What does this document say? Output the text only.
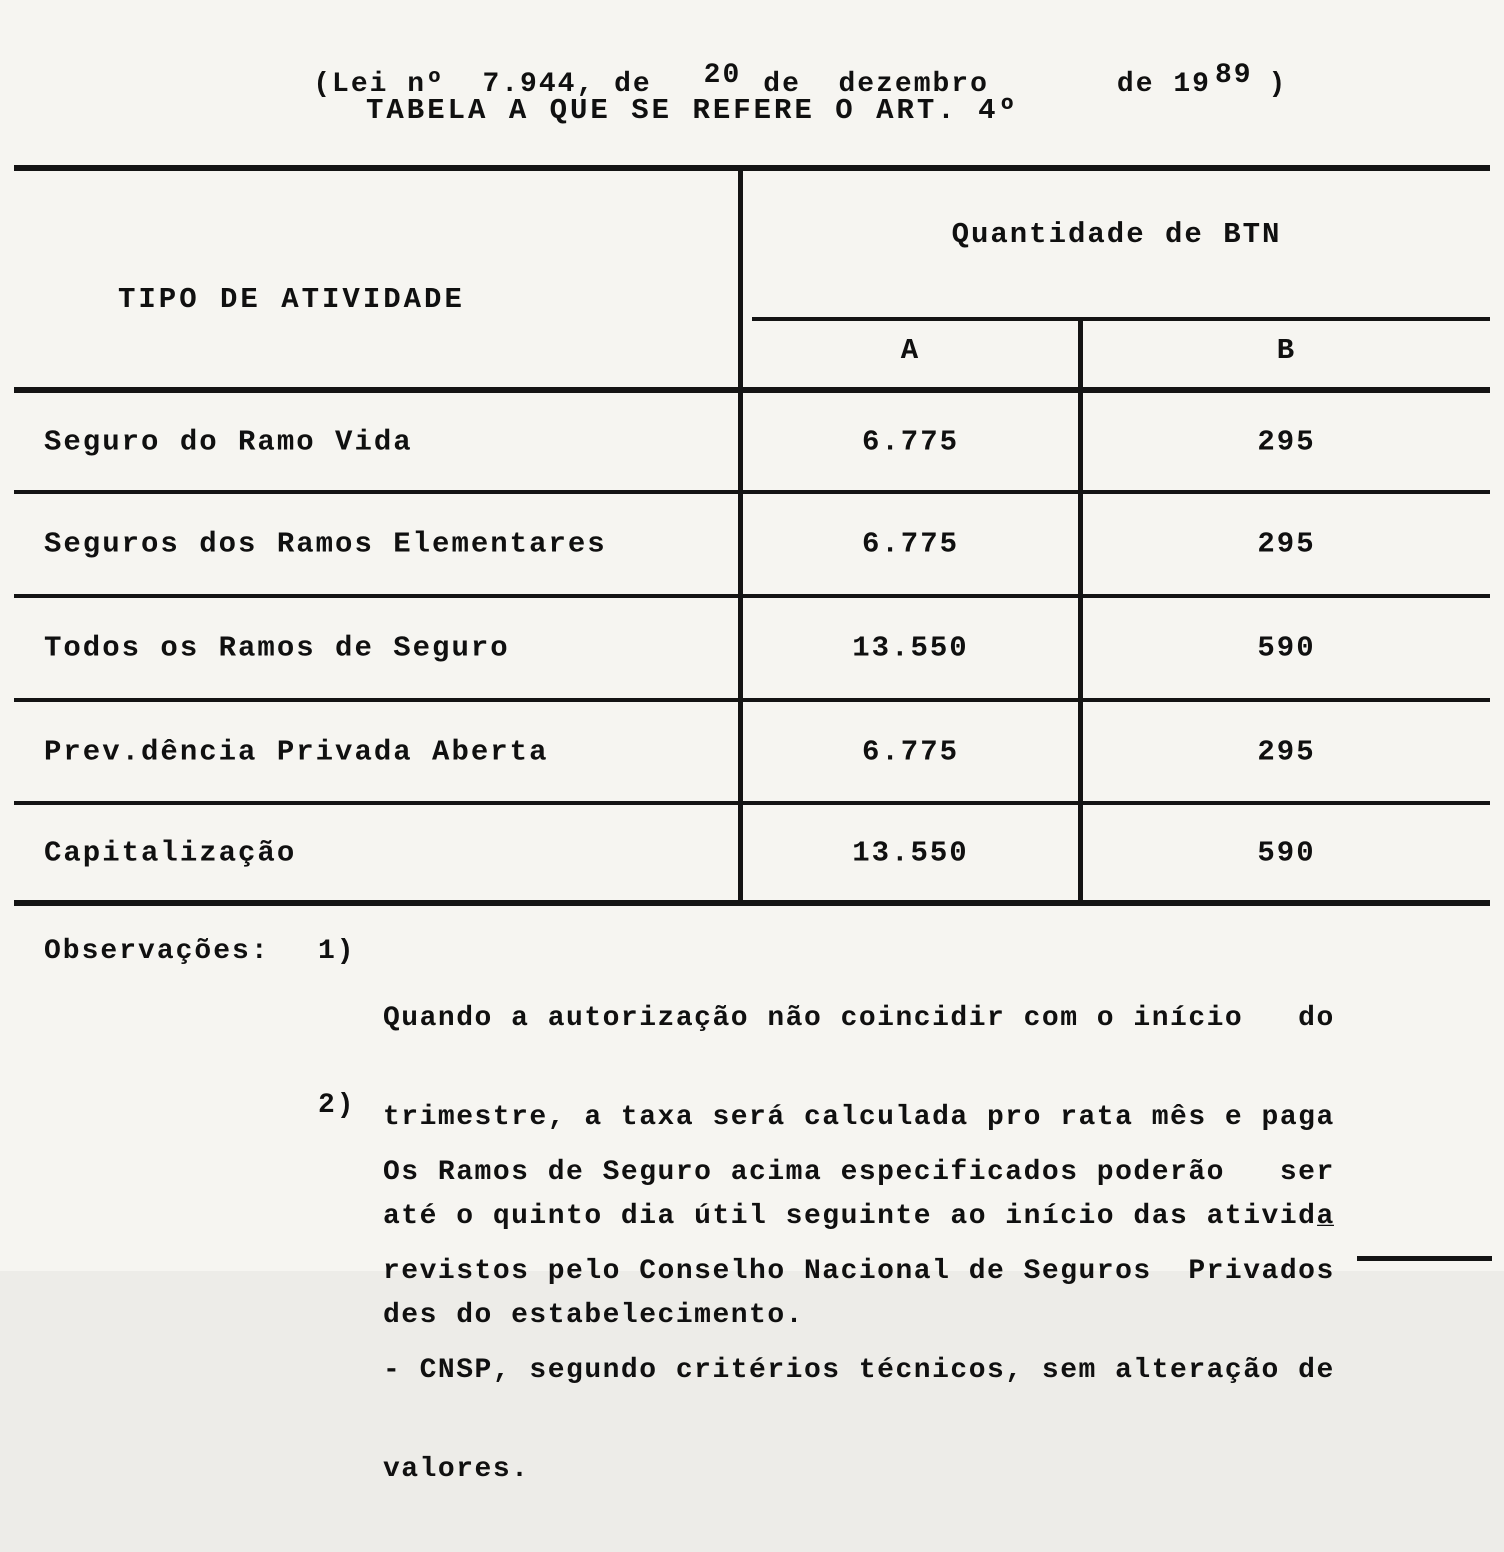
(Lei nº  7.944, de 20 de  dezembro	de 19 89 )

TABELA A QUE SE REFERE O ART. 4º
TIPO DE ATIVIDADE
Quantidade de BTN
A	B
Seguro do Ramo Vida	6.775	295
Seguros dos Ramos Elementares	6.775	295
Todos os Ramos de Seguro	13.550	590
Prev.dência Privada Aberta	6.775	295
Capitalização	13.550	590
Observações: 1)

Quando a autorização não coincidir com o início   do

trimestre, a taxa será calculada pro rata mês e paga

até o quinto dia útil seguinte ao início das ativida̲

des do estabelecimento.

2)

Os Ramos de Seguro acima especificados poderão   ser

revistos pelo Conselho Nacional de Seguros  Privados

- CNSP, segundo critérios técnicos, sem alteração de

valores.
